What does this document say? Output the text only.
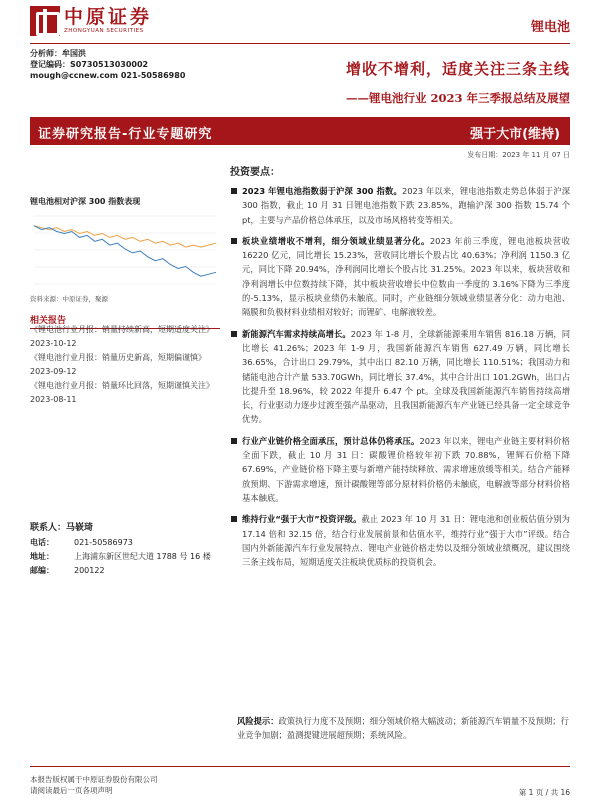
中原证券
ZHONGYUAN SECURITIES	锂电池
分析师：牟国洪
登记编码：S0730513030002
mough@ccnew.com 021-50586980	增收不增利，适度关注三条主线
——锂电池行业 2023 年三季报总结及展望
证券研究报告-行业专题研究	强于大市(维持)
发布日期：2023 年 11 月 07 日
锂电池相对沪深 300 指数表现
资料来源：中原证券，聚源
相关报告
《锂电池行业月报：销量持续新高，短期适度关注》 2023-10-12
《锂电池行业月报：销量历史新高，短期偏谨慎》 2023-09-12
《锂电池行业月报：销量环比回落，短期谨慎关注》 2023-08-11
联系人：马嵚琦
电话：	021-50586973
地址：	上海浦东新区世纪大道 1788 号 16 楼
邮编：	200122
投资要点：
2023 年锂电池指数弱于沪深 300 指数。2023 年以来，锂电池指数走势总体弱于沪深 300 指数，截止 10 月 31 日锂电池指数下跌 23.85%，跑输沪深 300 指数 15.74 个 pt，主要与产品价格总体承压，以及市场风格转变等相关。
板块业绩增收不增利，细分领域业绩显著分化。2023 年前三季度，锂电池板块营收 16220 亿元，同比增长 15.23%，营收同比增长个股占比 40.63%；净利润 1150.3 亿元，同比下降 20.94%，净利润同比增长个股占比 31.25%。2023 年以来，板块营收和净利润增长中位数持续下降，其中板块营收增长中位数由一季度的 3.16%下降为三季度的-5.13%，显示板块业绩仍未触底。同时，产业链细分领域业绩显著分化：动力电池、隔膜和负极材料业绩相对较好；而锂矿、电解液较差。
新能源汽车需求持续高增长。2023 年 1-8 月，全球新能源乘用车销售 816.18 万辆，同比增长 41.26%；2023 年 1-9 月，我国新能源汽车销售 627.49 万辆，同比增长 36.65%，合计出口 29.79%，其中出口 82.10 万辆，同比增长 110.51%；我国动力和储能电池合计产量 533.70GWh，同比增长 37.4%，其中合计出口 101.2GWh，出口占比提升至 18.96%，较 2022 年提升 6.47 个 pt。全球及我国新能源汽车销售持续高增长，行业驱动力逐步过渡至强产品驱动，且我国新能源汽车产业链已经具备一定全球竞争优势。
行业产业链价格全面承压，预计总体仍将承压。2023 年以来，锂电产业链主要材料价格全面下跌，截止 10 月 31 日：碳酸锂价格较年初下跌 70.88%，锂辉石价格下降 67.69%，产业链价格下降主要与新增产能持续释放、需求增速放缓等相关。结合产能释放预期、下游需求增速，预计碳酸锂等部分原材料价格仍未触底，电解液等部分材料价格基本触底。
维持行业“强于大市”投资评级。截止 2023 年 10 月 31 日：锂电池和创业板估值分别为 17.14 倍和 32.15 倍，结合行业发展前景和估值水平，维持行业“强于大市”评级。结合国内外新能源汽车行业发展特点、锂电产业链价格走势以及细分领域业绩概况，建议围绕三条主线布局，短期适度关注板块优质标的投资机会。
风险提示：政策执行力度不及预期；细分领域价格大幅波动；新能源汽车销量不及预期；行业竞争加剧；盈测提键进展超预期；系统风险。
本报告版权属于中原证券股份有限公司
请阅读最后一页各项声明	第 1 页 / 共 16
